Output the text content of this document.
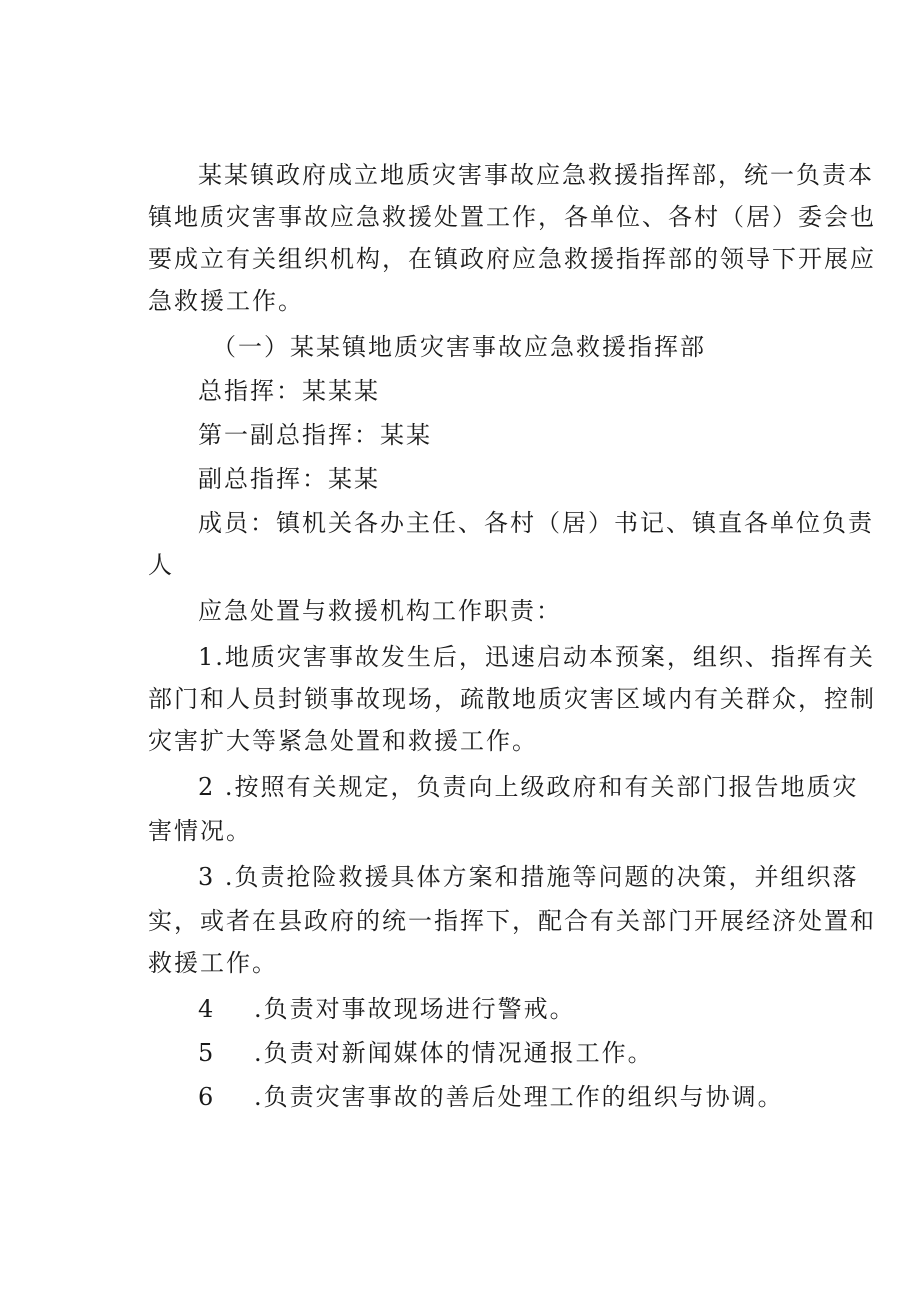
某某镇政府成立地质灾害事故应急救援指挥部，统一负责本
镇地质灾害事故应急救援处置工作，各单位、各村（居）委会也
要成立有关组织机构，在镇政府应急救援指挥部的领导下开展应
急救援工作。
（一）某某镇地质灾害事故应急救援指挥部
总指挥：某某某
第一副总指挥：某某
副总指挥：某某
成员：镇机关各办主任、各村（居）书记、镇直各单位负责
人
应急处置与救援机构工作职责：
1.地质灾害事故发生后，迅速启动本预案，组织、指挥有关
部门和人员封锁事故现场，疏散地质灾害区域内有关群众，控制
灾害扩大等紧急处置和救援工作。
2 .按照有关规定，负责向上级政府和有关部门报告地质灾
害情况。
3 .负责抢险救援具体方案和措施等问题的决策，并组织落
实，或者在县政府的统一指挥下，配合有关部门开展经济处置和
救援工作。
4 .负责对事故现场进行警戒。
5 .负责对新闻媒体的情况通报工作。
6 .负责灾害事故的善后处理工作的组织与协调。
